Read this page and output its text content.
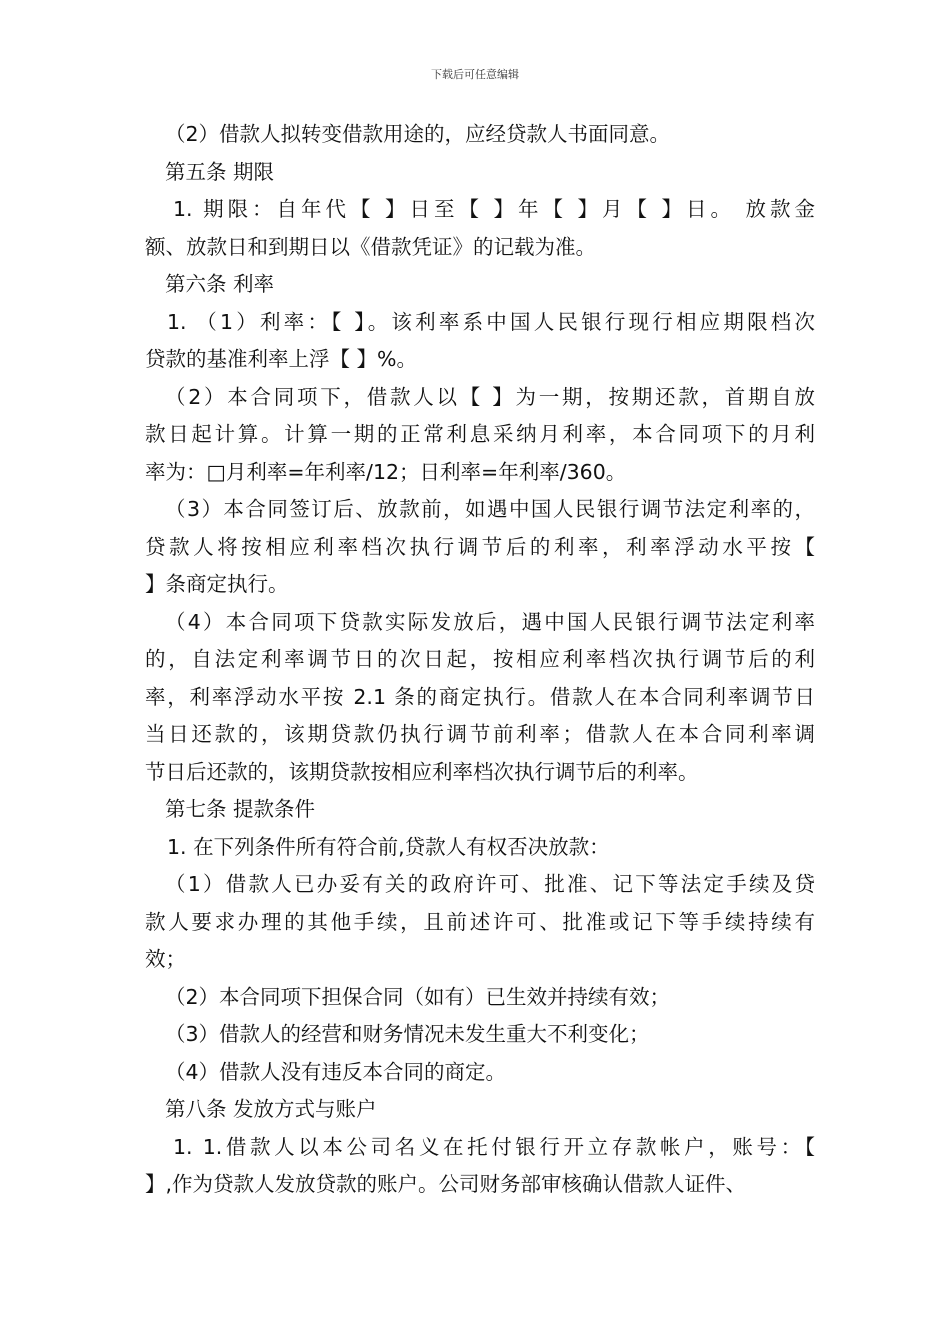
下载后可任意编辑
（2）借款人拟转变借款用途的，应经贷款人书面同意。
第五条 期限
1. 期限：自年代【 】日至【 】年【 】月【 】日。 放款金
额、放款日和到期日以《借款凭证》的记载为准。
第六条 利率
1. （1）利率：【 】。该利率系中国人民银行现行相应期限档次
贷款的基准利率上浮【 】%。
（2）本合同项下，借款人以【 】为一期，按期还款，首期自放
款日起计算。计算一期的正常利息采纳月利率，本合同项下的月利
率为：□月利率=年利率/12；日利率=年利率/360。
（3）本合同签订后、放款前，如遇中国人民银行调节法定利率的，
贷款人将按相应利率档次执行调节后的利率，利率浮动水平按【
】条商定执行。
（4）本合同项下贷款实际发放后，遇中国人民银行调节法定利率
的，自法定利率调节日的次日起，按相应利率档次执行调节后的利
率，利率浮动水平按 2.1 条的商定执行。借款人在本合同利率调节日
当日还款的，该期贷款仍执行调节前利率；借款人在本合同利率调
节日后还款的，该期贷款按相应利率档次执行调节后的利率。
第七条 提款条件
1. 在下列条件所有符合前,贷款人有权否决放款：
（1）借款人已办妥有关的政府许可、批准、记下等法定手续及贷
款人要求办理的其他手续，且前述许可、批准或记下等手续持续有
效；
（2）本合同项下担保合同（如有）已生效并持续有效；
（3）借款人的经营和财务情况未发生重大不利变化；
（4）借款人没有违反本合同的商定。
第八条 发放方式与账户
1. 1.借款人以本公司名义在托付银行开立存款帐户，账号：【
】,作为贷款人发放贷款的账户。公司财务部审核确认借款人证件、
